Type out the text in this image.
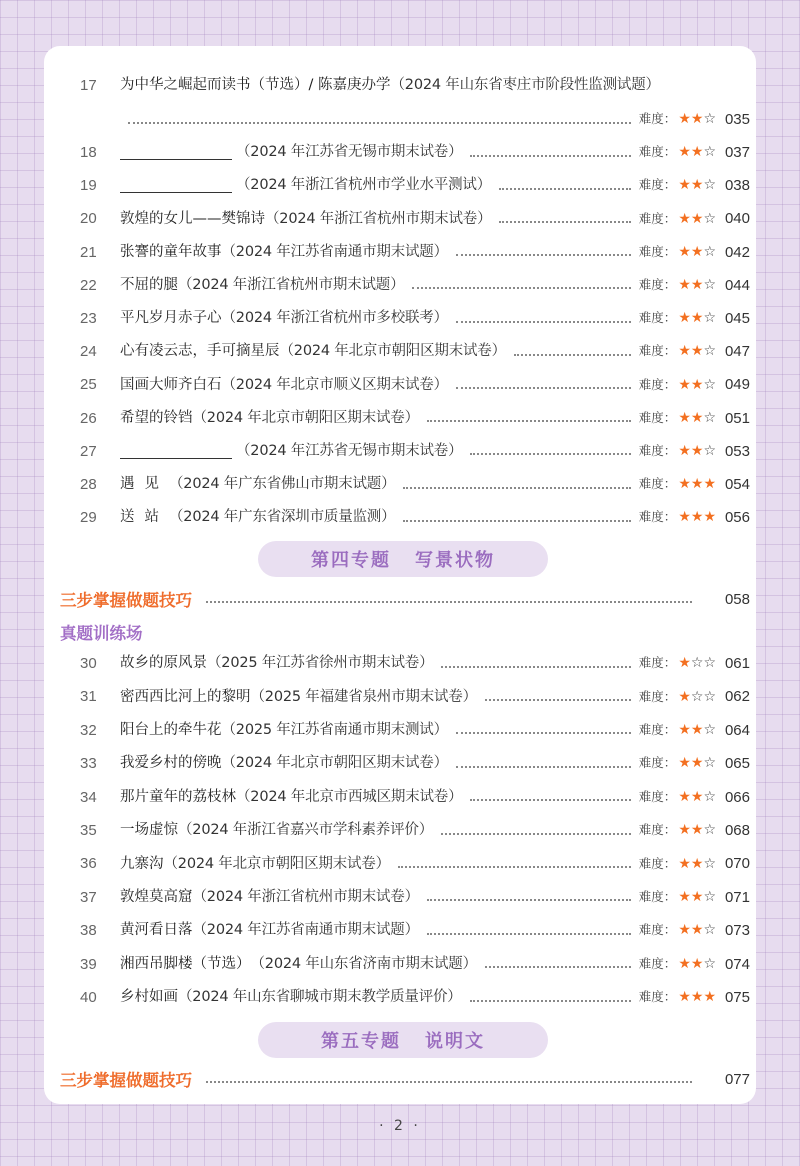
17	为中华之崛起而读书（节选）/ 陈嘉庚办学 （2024 年山东省枣庄市阶段性监测试题）
难度： ★★☆ 035
18	（2024 年江苏省无锡市期末试卷）	难度： ★★☆ 037
19	（2024 年浙江省杭州市学业水平测试）	难度： ★★☆ 038
20	敦煌的女儿——樊锦诗 （2024 年浙江省杭州市期末试卷）	难度： ★★☆ 040
21	张謇的童年故事 （2024 年江苏省南通市期末试题）	难度： ★★☆ 042
22	不屈的腿 （2024 年浙江省杭州市期末试题）	难度： ★★☆ 044
23	平凡岁月赤子心 （2024 年浙江省杭州市多校联考）	难度： ★★☆ 045
24	心有凌云志，手可摘星辰 （2024 年北京市朝阳区期末试卷）	难度： ★★☆ 047
25	国画大师齐白石 （2024 年北京市顺义区期末试卷）	难度： ★★☆ 049
26	希望的铃铛 （2024 年北京市朝阳区期末试卷）	难度： ★★☆ 051
27	（2024 年江苏省无锡市期末试卷）	难度： ★★☆ 053
28	遇见 （2024 年广东省佛山市期末试题）	难度： ★★★ 054
29	送站 （2024 年广东省深圳市质量监测）	难度： ★★★ 056
第四专题 写景状物
三步掌握做题技巧	058
真题训练场
30	故乡的原风景 （2025 年江苏省徐州市期末试卷）	难度： ★☆☆ 061
31	密西西比河上的黎明 （2025 年福建省泉州市期末试卷）	难度： ★☆☆ 062
32	阳台上的牵牛花 （2025 年江苏省南通市期末测试）	难度： ★★☆ 064
33	我爱乡村的傍晚 （2024 年北京市朝阳区期末试卷）	难度： ★★☆ 065
34	那片童年的荔枝林 （2024 年北京市西城区期末试卷）	难度： ★★☆ 066
35	一场虚惊 （2024 年浙江省嘉兴市学科素养评价）	难度： ★★☆ 068
36	九寨沟 （2024 年北京市朝阳区期末试卷）	难度： ★★☆ 070
37	敦煌莫高窟 （2024 年浙江省杭州市期末试卷）	难度： ★★☆ 071
38	黄河看日落 （2024 年江苏省南通市期末试题）	难度： ★★☆ 073
39	湘西吊脚楼（节选） （2024 年山东省济南市期末试题）	难度： ★★☆ 074
40	乡村如画 （2024 年山东省聊城市期末教学质量评价）	难度： ★★★ 075
第五专题 说明文
三步掌握做题技巧	077
· 2 ·
